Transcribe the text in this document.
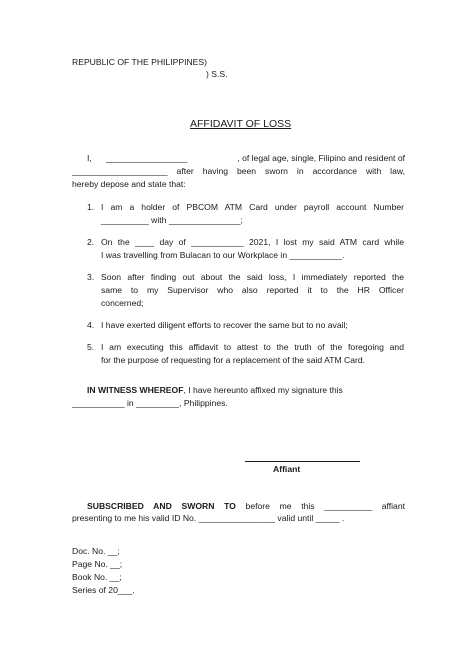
REPUBLIC OF THE PHILIPPINES)
) S.S.
AFFIDAVIT OF LOSS
I, _________________	, of legal age, single, Filipino and resident of
____________________ after having been sworn in accordance with law,
hereby depose and state that:
1. I am a holder of PBCOM ATM Card under payroll account Number
__________ with _______________;
2. On the ____ day of ___________ 2021, I lost my said ATM card while
I was travelling from Bulacan to our Workplace in ___________.
3. Soon after finding out about the said loss, I immediately reported the
same to my Supervisor who also reported it to the HR Officer
concerned;
4. I have exerted diligent efforts to recover the same but to no avail;
5. I am executing this affidavit to attest to the truth of the foregoing and
for the purpose of requesting for a replacement of the said ATM Card.
IN WITNESS WHEREOF, I have hereunto affixed my signature this
___________ in _________, Philippines.
Affiant
SUBSCRIBED AND SWORN TO before me this __________ affiant
presenting to me his valid ID No. ________________ valid until _____ .
Doc. No. __;
Page No. __;
Book No. __;
Series of 20___.
